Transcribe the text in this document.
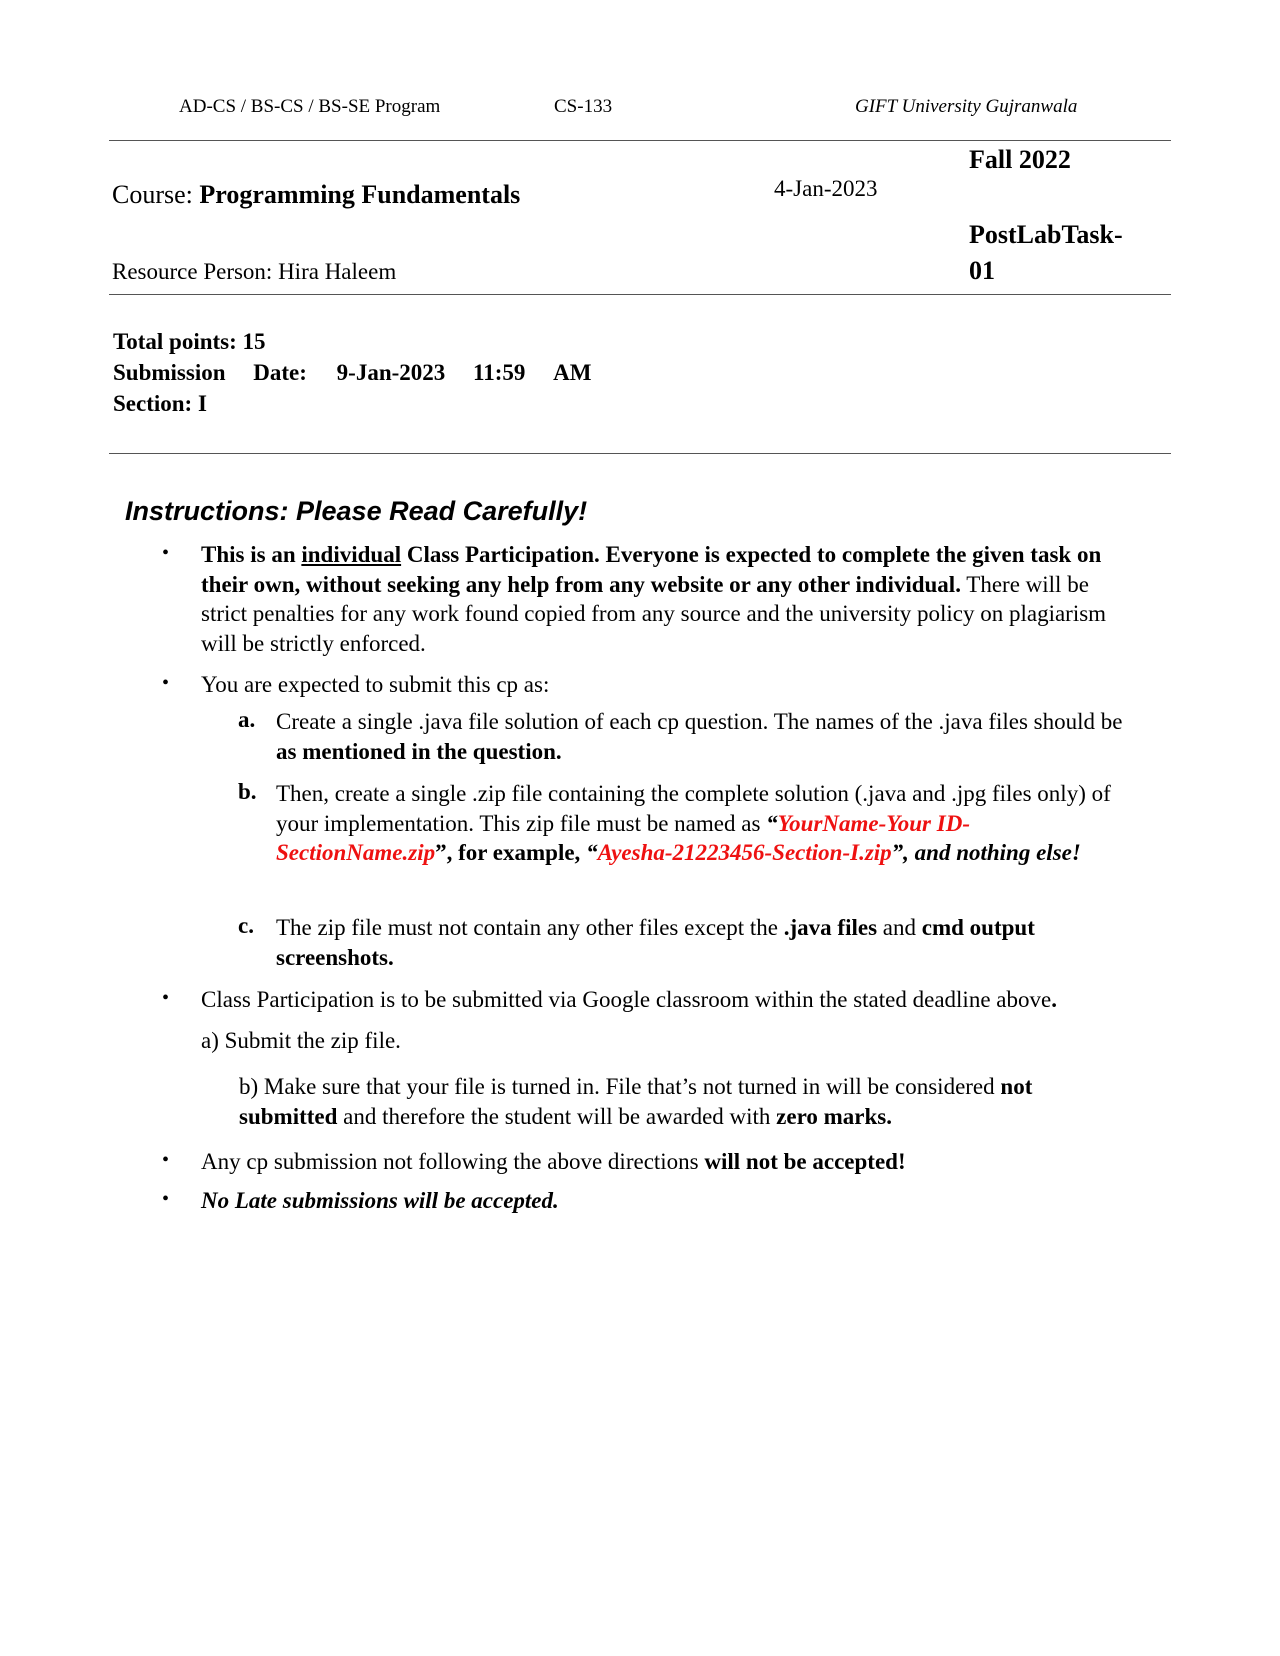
AD-CS / BS-CS / BS-SE Program	CS-133	GIFT University Gujranwala
Course: Programming Fundamentals
Resource Person: Hira Haleem
4-Jan-2023
Fall 2022
PostLabTask-
01
Total points: 15
Submission Date: 9-Jan-2023 11:59 AM
Section: I
Instructions: Please Read Carefully!
• This is an individual Class Participation. Everyone is expected to complete the given task on their own, without seeking any help from any website or any other individual. There will be strict penalties for any work found copied from any source and the university policy on plagiarism will be strictly enforced.
• You are expected to submit this cp as:
a. Create a single .java file solution of each cp question. The names of the .java files should be as mentioned in the question.
b. Then, create a single .zip file containing the complete solution (.java and .jpg files only) of your implementation. This zip file must be named as “YourName-Your ID-SectionName.zip”, for example, “Ayesha-21223456-Section-I.zip”, and nothing else!
c. The zip file must not contain any other files except the .java files and cmd output screenshots.
• Class Participation is to be submitted via Google classroom within the stated deadline above.
a) Submit the zip file.
b) Make sure that your file is turned in. File that’s not turned in will be considered not submitted and therefore the student will be awarded with zero marks.
• Any cp submission not following the above directions will not be accepted!
• No Late submissions will be accepted.
